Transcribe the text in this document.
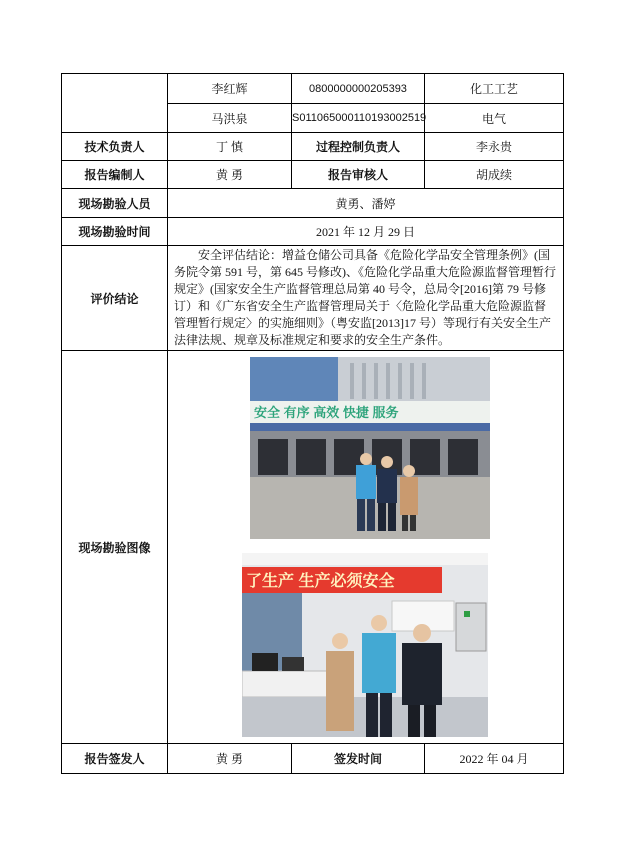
	李红辉	0800000000205393	化工工艺
	马洪泉	S011065000110193002519	电气
技术负责人	丁 慎	过程控制负责人	李永贵
报告编制人	黄 勇	报告审核人	胡成续
现场勘验人员	黄勇、潘婷		
现场勘验时间	2021 年 12 月 29 日		
评价结论	安全评估结论：增益仓储公司具备《危险化学品安全管理条例》(国务院令第 591 号，第 645 号修改)、《危险化学品重大危险源监督管理暂行规定》(国家安全生产监督管理总局第 40 号令，总局令[2016]第 79 号修订）和《广东省安全生产监督管理局关于〈危险化学品重大危险源监督管理暂行规定〉的实施细则》（粤安监[2013]17 号）等现行有关安全生产法律法规、规章及标准规定和要求的安全生产条件。		

现场勘验图像	安全 有序 高效 快捷 服务
了生产 生产必须安全		

报告签发人	黄 勇	签发时间	2022 年 04 月
